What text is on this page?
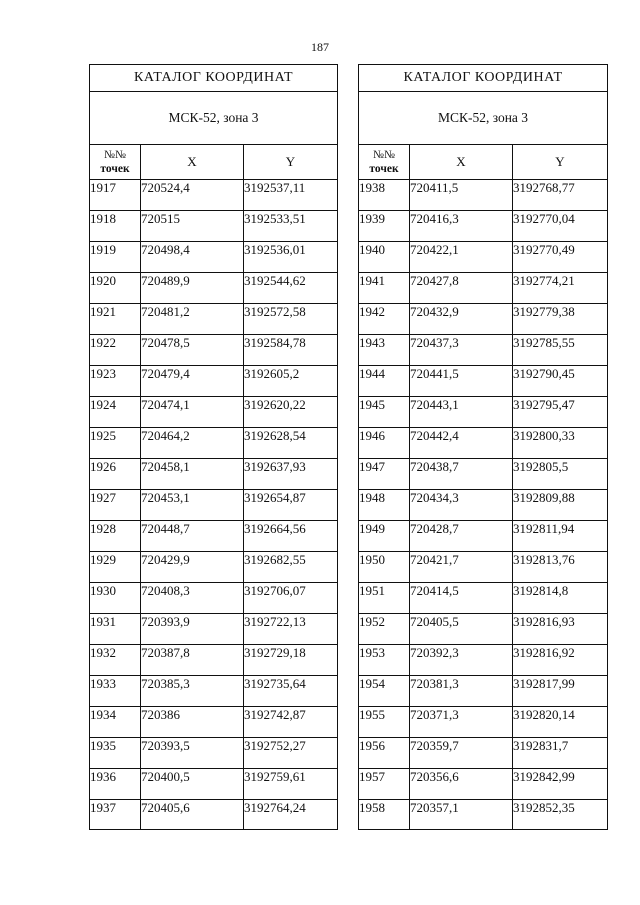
187
КАТАЛОГ КООРДИНАТ		
МСК-52, зона 3		

№№
точек	X	Y
1917	720524,4	3192537,11
1918	720515	3192533,51
1919	720498,4	3192536,01
1920	720489,9	3192544,62
1921	720481,2	3192572,58
1922	720478,5	3192584,78
1923	720479,4	3192605,2
1924	720474,1	3192620,22
1925	720464,2	3192628,54
1926	720458,1	3192637,93
1927	720453,1	3192654,87
1928	720448,7	3192664,56
1929	720429,9	3192682,55
1930	720408,3	3192706,07
1931	720393,9	3192722,13
1932	720387,8	3192729,18
1933	720385,3	3192735,64
1934	720386	3192742,87
1935	720393,5	3192752,27
1936	720400,5	3192759,61
1937	720405,6	3192764,24
КАТАЛОГ КООРДИНАТ		
МСК-52, зона 3		

№№
точек	X	Y
1938	720411,5	3192768,77
1939	720416,3	3192770,04
1940	720422,1	3192770,49
1941	720427,8	3192774,21
1942	720432,9	3192779,38
1943	720437,3	3192785,55
1944	720441,5	3192790,45
1945	720443,1	3192795,47
1946	720442,4	3192800,33
1947	720438,7	3192805,5
1948	720434,3	3192809,88
1949	720428,7	3192811,94
1950	720421,7	3192813,76
1951	720414,5	3192814,8
1952	720405,5	3192816,93
1953	720392,3	3192816,92
1954	720381,3	3192817,99
1955	720371,3	3192820,14
1956	720359,7	3192831,7
1957	720356,6	3192842,99
1958	720357,1	3192852,35
